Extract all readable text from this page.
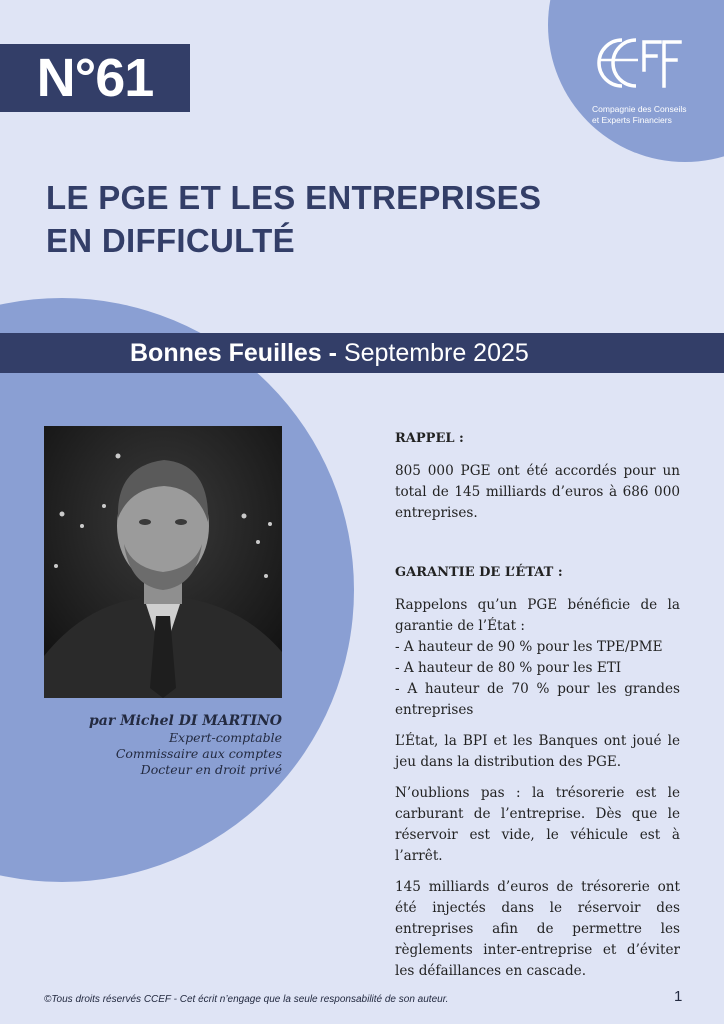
Compagnie des Conseils
et Experts Financiers
N°61
LE PGE ET LES ENTREPRISES
EN DIFFICULTÉ
Bonnes Feuilles - Septembre 2025
par Michel DI MARTINO
Expert-comptable
Commissaire aux comptes
Docteur en droit privé
RAPPEL :

805 000 PGE ont été accordés pour un total de 145 milliards d’euros à 686 000 entreprises.

GARANTIE DE L’ÉTAT :

Rappelons qu’un PGE bénéficie de la garantie de l’État :

- A hauteur de 90 % pour les TPE/PME

- A hauteur de 80 % pour les ETI

- A hauteur de 70 % pour les grandes entreprises

L’État, la BPI et les Banques ont joué le jeu dans la distribution des PGE.

N’oublions pas : la trésorerie est le carburant de l’entreprise. Dès que le réservoir est vide, le véhicule est à l’arrêt.

145 milliards d’euros de trésorerie ont été injectés dans le réservoir des entreprises afin de permettre les règlements inter-entreprise et d’éviter les défaillances en cascade.

©Tous droits réservés CCEF - Cet écrit n’engage que la seule responsabilité de son auteur.	1
